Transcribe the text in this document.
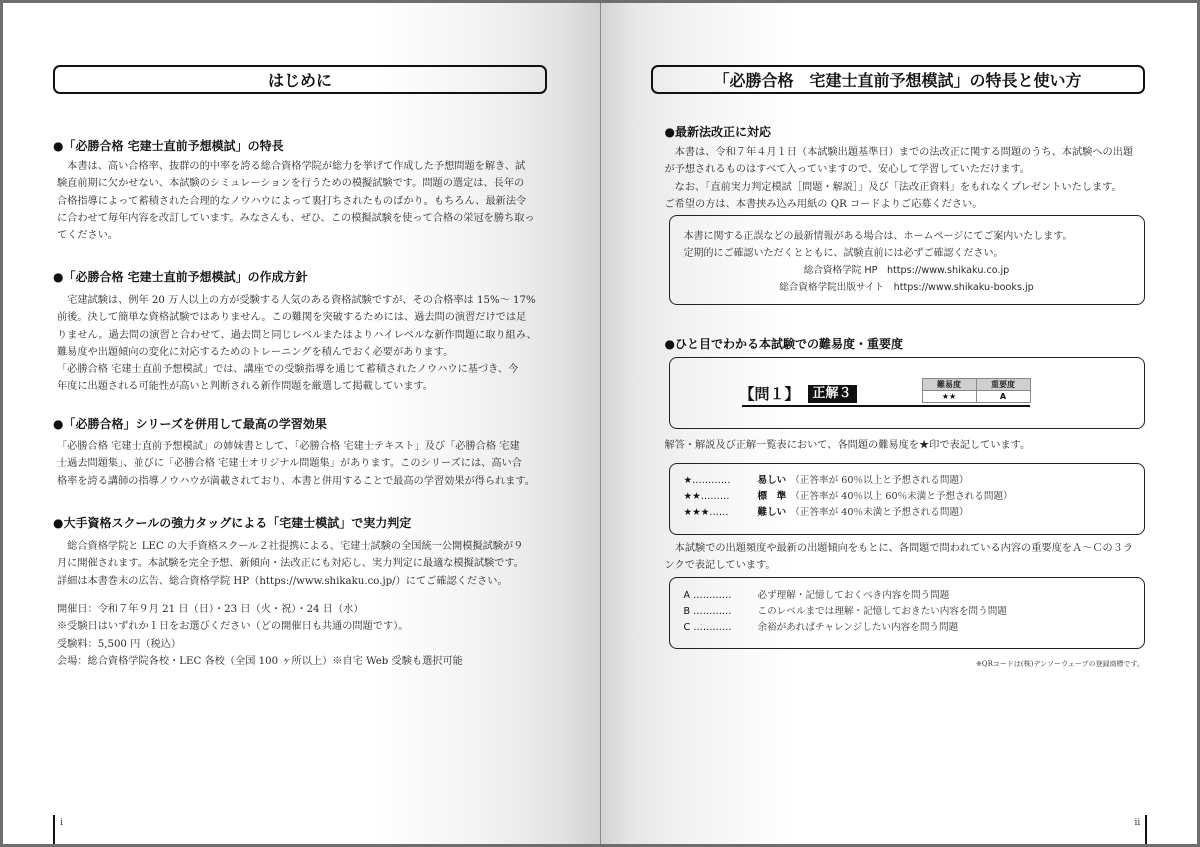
はじめに
●「必勝合格 宅建士直前予想模試」の特長
　本書は、高い合格率、抜群の的中率を誇る総合資格学院が総力を挙げて作成した予想問題を解き、試
験直前期に欠かせない、本試験のシミュレーションを行うための模擬試験です。問題の選定は、長年の
合格指導によって蓄積された合理的なノウハウによって裏打ちされたものばかり。もちろん、最新法令
に合わせて毎年内容を改訂しています。みなさんも、ぜひ、この模擬試験を使って合格の栄冠を勝ち取っ
てください。
●「必勝合格 宅建士直前予想模試」の作成方針
　宅建試験は、例年 20 万人以上の方が受験する人気のある資格試験ですが、その合格率は 15%～ 17%
前後。決して簡単な資格試験ではありません。この難関を突破するためには、過去問の演習だけでは足
りません。過去問の演習と合わせて、過去問と同じレベルまたはよりハイレベルな新作問題に取り組み、
難易度や出題傾向の変化に対応するためのトレーニングを積んでおく必要があります。
「必勝合格 宅建士直前予想模試」では、講座での受験指導を通じて蓄積されたノウハウに基づき、今
年度に出題される可能性が高いと判断される新作問題を厳選して掲載しています。
●「必勝合格」シリーズを併用して最高の学習効果
「必勝合格 宅建士直前予想模試」の姉妹書として、「必勝合格 宅建士テキスト」及び「必勝合格 宅建
士過去問題集」、並びに「必勝合格 宅建士オリジナル問題集」があります。このシリーズには、高い合
格率を誇る講師の指導ノウハウが満載されており、本書と併用することで最高の学習効果が得られます。
●大手資格スクールの強力タッグによる「宅建士模試」で実力判定
　総合資格学院と LEC の大手資格スクール２社提携による、宅建士試験の全国統一公開模擬試験が９
月に開催されます。本試験を完全予想、新傾向・法改正にも対応し、実力判定に最適な模擬試験です。
詳細は本書巻末の広告、総合資格学院 HP（https://www.shikaku.co.jp/）にてご確認ください。
開催日：令和７年９月 21 日（日）・23 日（火・祝）・24 日（水）
※受験日はいずれか１日をお選びください（どの開催日も共通の問題です）。
受験料：5,500 円（税込）
会場：総合資格学院各校・LEC 各校（全国 100 ヶ所以上）※自宅 Web 受験も選択可能
i
「必勝合格　宅建士直前予想模試」の特長と使い方
●最新法改正に対応
　本書は、令和７年４月１日（本試験出題基準日）までの法改正に関する問題のうち、本試験への出題
が予想されるものはすべて入っていますので、安心して学習していただけます。
　なお、「直前実力判定模試［問題・解説］」及び「法改正資料」をもれなくプレゼントいたします。
ご希望の方は、本書挟み込み用紙の QR コードよりご応募ください。
本書に関する正誤などの最新情報がある場合は、ホームページにてご案内いたします。
定期的にご確認いただくとともに、試験直前には必ずご確認ください。
総合資格学院 HP　https://www.shikaku.co.jp
総合資格学院出版サイト　https://www.shikaku-books.jp
●ひと目でわかる本試験での難易度・重要度
【問１】 正解３
難易度	重要度
★★	A
解答・解説及び正解一覧表において、各問題の難易度を★印で表記しています。
★…………	易しい （正答率が 60％以上と予想される問題）
★★………	標　準 （正答率が 40％以上 60％未満と予想される問題）
★★★……	難しい （正答率が 40％未満と予想される問題）
　本試験での出題頻度や最新の出題傾向をもとに、各問題で問われている内容の重要度をＡ～Ｃの３ラ
ンクで表記しています。
A …………	必ず理解・記憶しておくべき内容を問う問題
B …………	このレベルまでは理解・記憶しておきたい内容を問う問題
C …………	余裕があればチャレンジしたい内容を問う問題
※QRコードは(株)デンソーウェーブの登録商標です。
ii
